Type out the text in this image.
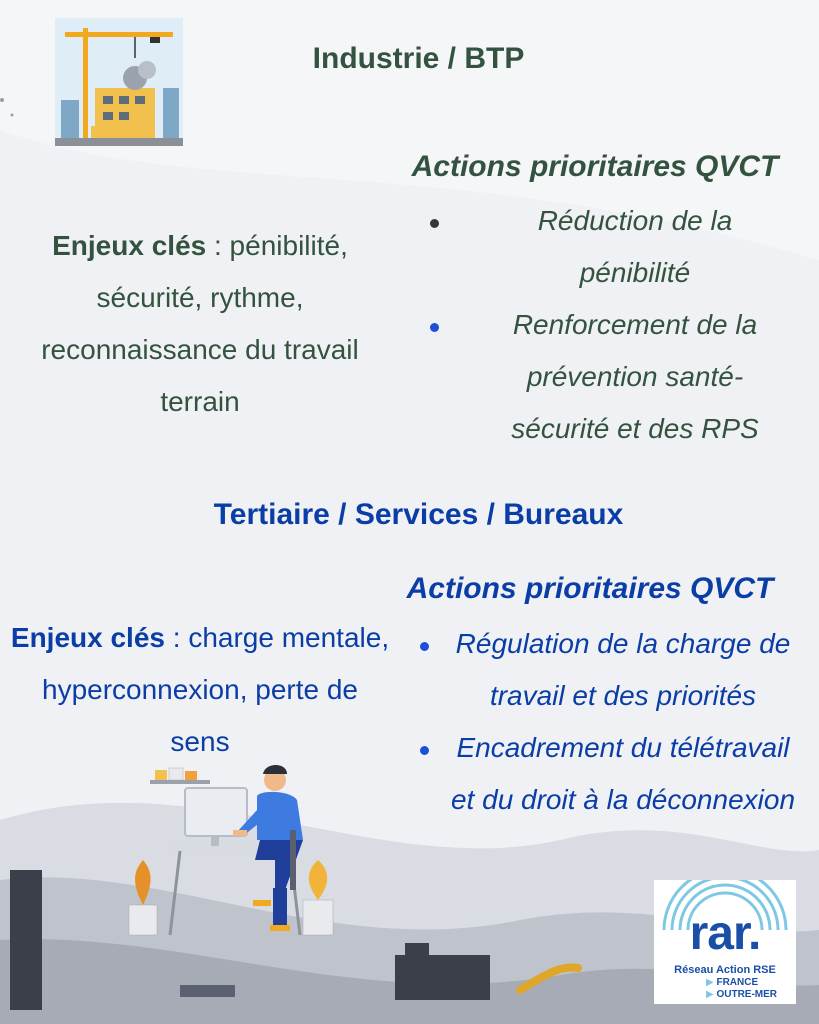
Industrie / BTP
Enjeux clés : pénibilité, sécurité, rythme, reconnaissance du travail terrain
Actions prioritaires QVCT
Réduction de la pénibilité
Renforcement de la prévention santé-sécurité et des RPS
Tertiaire / Services / Bureaux
Enjeux clés : charge mentale, hyperconnexion, perte de sens
Actions prioritaires QVCT
Régulation de la charge de travail et des priorités
Encadrement du télétravail et du droit à la déconnexion
rar.
Réseau Action RSE
▶ FRANCE
▶ OUTRE-MER
